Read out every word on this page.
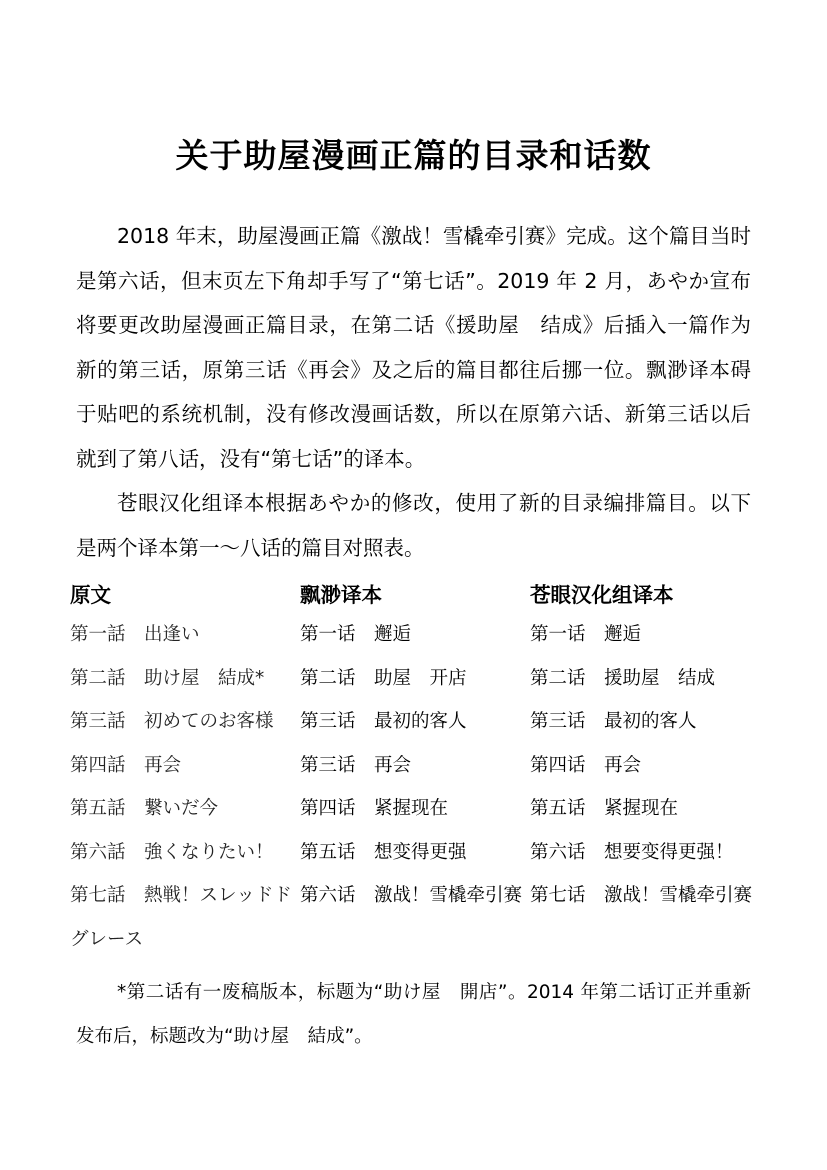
关于助屋漫画正篇的目录和话数

2018 年末，助屋漫画正篇《激战！雪橇牵引赛》完成。这个篇目当时是第六话，但末页左下角却手写了“第七话”。2019 年 2 月，あやか宣布将要更改助屋漫画正篇目录，在第二话《援助屋　结成》后插入一篇作为新的第三话，原第三话《再会》及之后的篇目都往后挪一位。飘渺译本碍于贴吧的系统机制，没有修改漫画话数，所以在原第六话、新第三话以后就到了第八话，没有“第七话”的译本。

苍眼汉化组译本根据あやか的修改，使用了新的目录编排篇目。以下是两个译本第一～八话的篇目对照表。

原文	飘渺译本	苍眼汉化组译本
第一話 出逢い	第一话 邂逅	第一话 邂逅
第二話 助け屋　結成*	第二话 助屋　开店	第二话 援助屋　结成
第三話 初めてのお客様	第三话 最初的客人	第三话 最初的客人
第四話 再会	第三话 再会	第四话 再会
第五話 繋いだ今	第四话 紧握现在	第五话 紧握现在
第六話 強くなりたい！	第五话 想变得更强	第六话 想要变得更强！
第七話 熱戦！スレッドドグレース	第六话 激战！雪橇牵引赛	第七话 激战！雪橇牵引赛

*第二话有一废稿版本，标题为“助け屋　開店”。2014 年第二话订正并重新发布后，标题改为“助け屋　結成”。
